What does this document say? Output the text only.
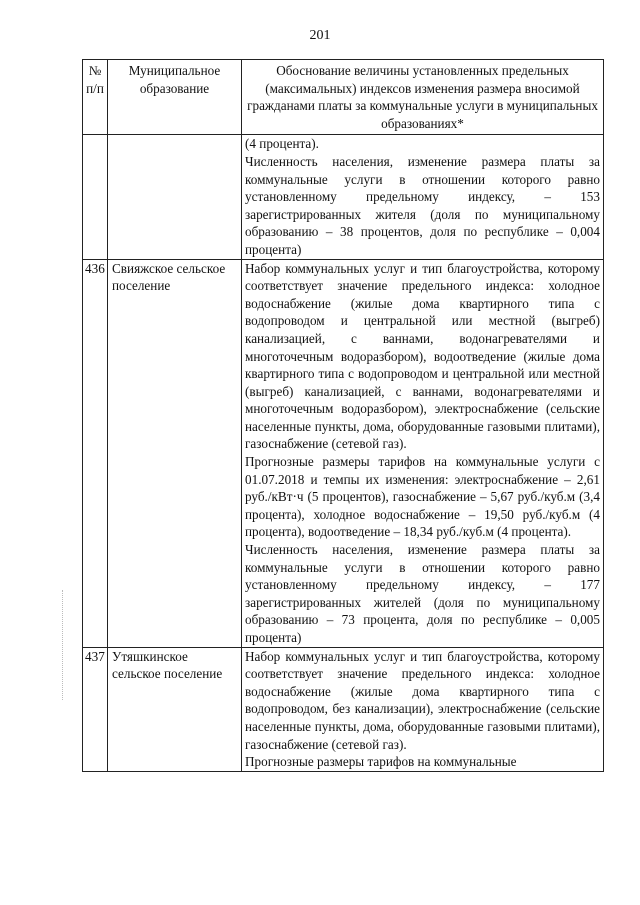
201
№ п/п	Муниципальное образование	Обоснование величины установленных предельных (максимальных) индексов изменения размера вносимой гражданами платы за коммунальные услуги в муниципальных образованиях*

		(4 процента).

Численность населения, изменение размера платы за коммунальные услуги в отношении которого равно установленному предельному индексу, – 153 зарегистрированных жителя (доля по муниципальному образованию – 38 процентов, доля по республике – 0,004 процента)

436	Свияжское сельское поселение	Набор коммунальных услуг и тип благоустройства, которому соответствует значение предельного индекса: холодное водоснабжение (жилые дома квартирного типа с водопроводом и центральной или местной (выгреб) канализацией, с ваннами, водонагревателями и многоточечным водоразбором), водоотведение (жилые дома квартирного типа с водопроводом и центральной или местной (выгреб) канализацией, с ваннами, водонагревателями и многоточечным водоразбором), электроснабжение (сельские населенные пункты, дома, оборудованные газовыми плитами), газоснабжение (сетевой газ).

Прогнозные размеры тарифов на коммунальные услуги с 01.07.2018 и темпы их изменения: электроснабжение – 2,61 руб./кВт·ч (5 процентов), газоснабжение – 5,67 руб./куб.м (3,4 процента), холодное водоснабжение – 19,50 руб./куб.м (4 процента), водоотведение – 18,34 руб./куб.м (4 процента).

Численность населения, изменение размера платы за коммунальные услуги в отношении которого равно установленному предельному индексу, – 177 зарегистрированных жителей (доля по муниципальному образованию – 73 процента, доля по республике – 0,005 процента)

437	Утяшкинское сельское поселение	Набор коммунальных услуг и тип благоустройства, которому соответствует значение предельного индекса: холодное водоснабжение (жилые дома квартирного типа с водопроводом, без канализации), электроснабжение (сельские населенные пункты, дома, оборудованные газовыми плитами), газоснабжение (сетевой газ).

Прогнозные размеры тарифов на коммунальные
